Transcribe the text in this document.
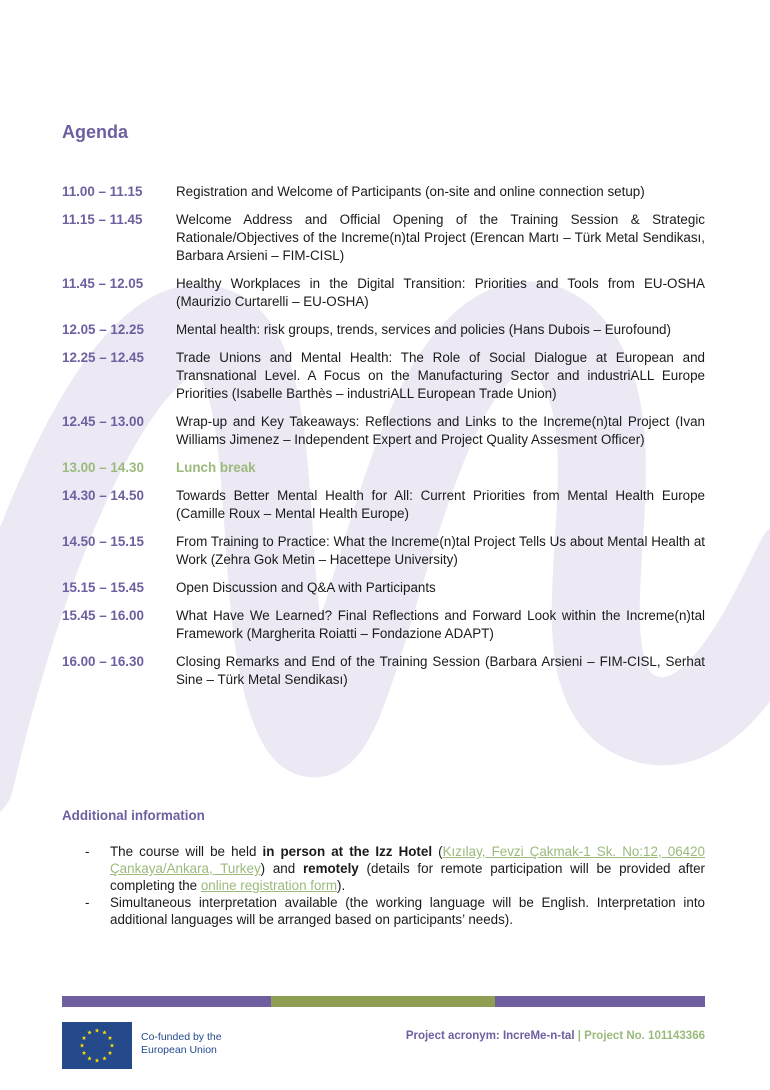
Agenda
11.00 – 11.15	Registration and Welcome of Participants (on-site and online connection setup)
11.15 – 11.45	Welcome Address and Official Opening of the Training Session & Strategic Rationale/Objectives of the Increme(n)tal Project (Erencan Martı – Türk Metal Sendikası, Barbara Arsieni – FIM-CISL)
11.45 – 12.05	Healthy Workplaces in the Digital Transition: Priorities and Tools from EU-OSHA (Maurizio Curtarelli – EU-OSHA)
12.05 – 12.25	Mental health: risk groups, trends, services and policies (Hans Dubois – Eurofound)
12.25 – 12.45	Trade Unions and Mental Health: The Role of Social Dialogue at European and Transnational Level. A Focus on the Manufacturing Sector and industriALL Europe Priorities (Isabelle Barthès – industriALL European Trade Union)
12.45 – 13.00	Wrap-up and Key Takeaways: Reflections and Links to the Increme(n)tal Project (Ivan Williams Jimenez – Independent Expert and Project Quality Assesment Officer)
13.00 – 14.30	Lunch break
14.30 – 14.50	Towards Better Mental Health for All: Current Priorities from Mental Health Europe (Camille Roux – Mental Health Europe)
14.50 – 15.15	From Training to Practice: What the Increme(n)tal Project Tells Us about Mental Health at Work (Zehra Gok Metin – Hacettepe University)
15.15 – 15.45	Open Discussion and Q&A with Participants
15.45 – 16.00	What Have We Learned? Final Reflections and Forward Look within the Increme(n)tal Framework (Margherita Roiatti – Fondazione ADAPT)
16.00 – 16.30	Closing Remarks and End of the Training Session (Barbara Arsieni – FIM-CISL, Serhat Sine – Türk Metal Sendikası)
Additional information
-	The course will be held in person at the Izz Hotel (Kızılay, Fevzi Çakmak-1 Sk. No:12, 06420 Çankaya/Ankara, Turkey) and remotely (details for remote participation will be provided after completing the online registration form).
-	Simultaneous interpretation available (the working language will be English. Interpretation into additional languages will be arranged based on participants’ needs).
Co-funded by the
European Union
Project acronym: IncreMe-n-tal | Project No. 101143366
